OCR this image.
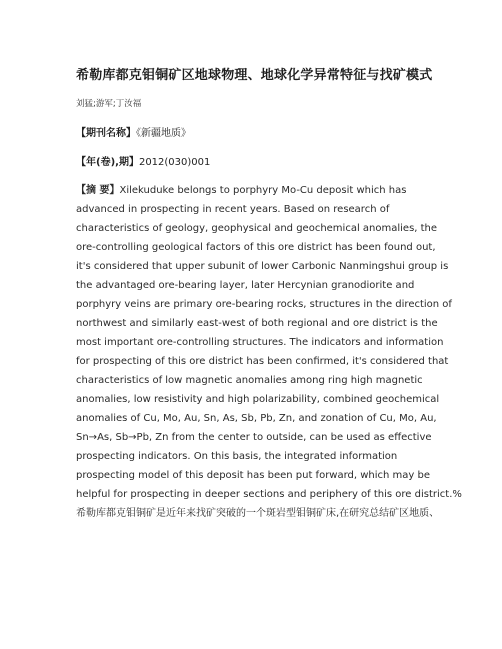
希勒库都克钼铜矿区地球物理、地球化学异常特征与找矿模式
刘猛;游军;丁汝福
【期刊名称】《新疆地质》
【年(卷),期】2012(030)001
【摘 要】Xilekuduke belongs to porphyry Mo-Cu deposit which has
advanced in prospecting in recent years. Based on research of
characteristics of geology, geophysical and geochemical anomalies, the
ore-controlling geological factors of this ore district has been found out,
it's considered that upper subunit of lower Carbonic Nanmingshui group is
the advantaged ore-bearing layer, later Hercynian granodiorite and
porphyry veins are primary ore-bearing rocks, structures in the direction of
northwest and similarly east-west of both regional and ore district is the
most important ore-controlling structures. The indicators and information
for prospecting of this ore district has been confirmed, it's considered that
characteristics of low magnetic anomalies among ring high magnetic
anomalies, low resistivity and high polarizability, combined geochemical
anomalies of Cu, Mo, Au, Sn, As, Sb, Pb, Zn, and zonation of Cu, Mo, Au,
Sn→As, Sb→Pb, Zn from the center to outside, can be used as effective
prospecting indicators. On this basis, the integrated information
prospecting model of this deposit has been put forward, which may be
helpful for prospecting in deeper sections and periphery of this ore district.%
希勒库都克钼铜矿是近年来找矿突破的一个斑岩型钼铜矿床,在研究总结矿区地质、
